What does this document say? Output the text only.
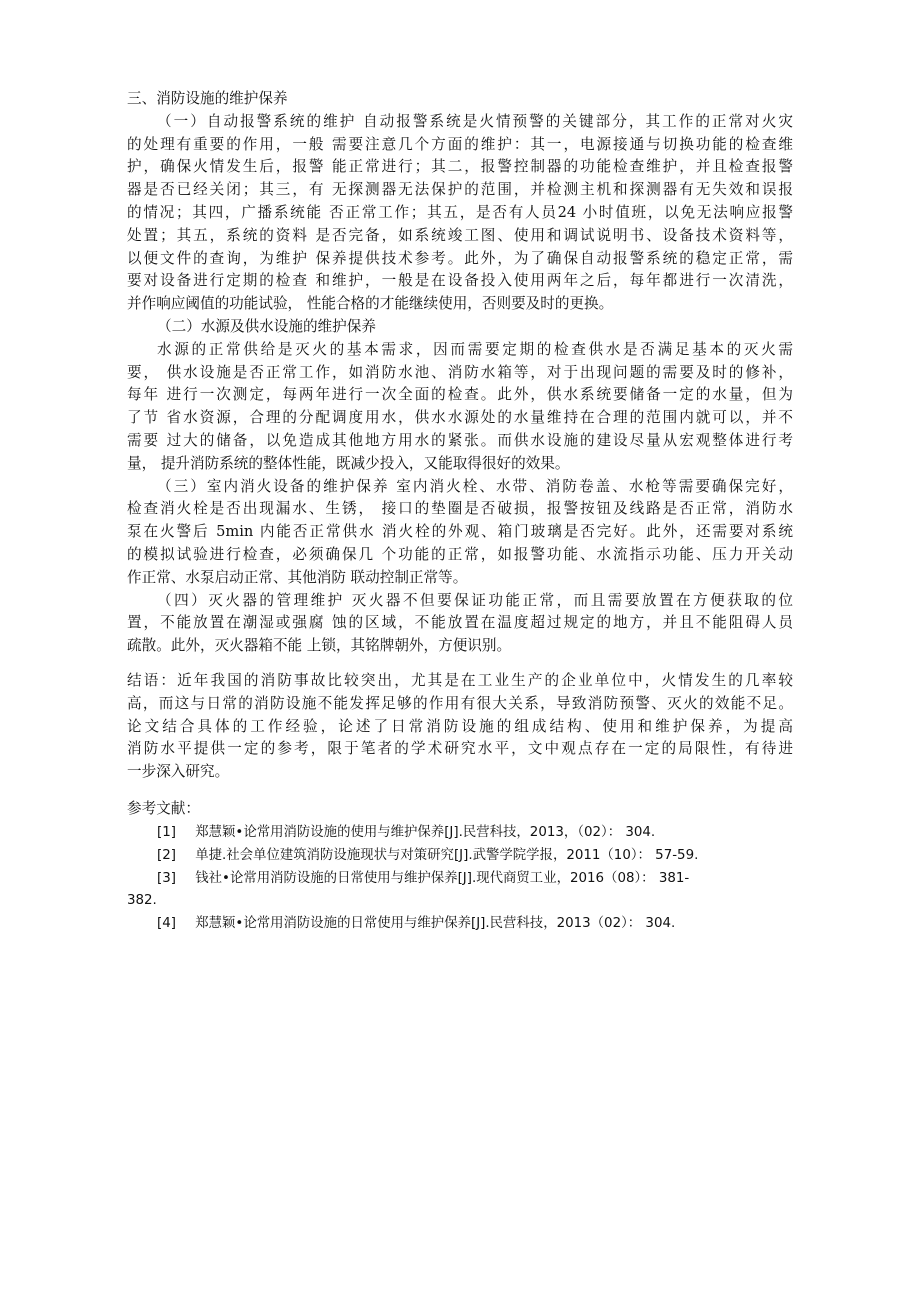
三、消防设施的维护保养
（一）自动报警系统的维护 自动报警系统是火情预警的关键部分，其工作的正常对火灾
的处理有重要的作用，一般 需要注意几个方面的维护：其一，电源接通与切换功能的检查维
护，确保火情发生后，报警 能正常进行；其二，报警控制器的功能检查维护，并且检查报警
器是否已经关闭；其三，有 无探测器无法保护的范围，并检测主机和探测器有无失效和误报
的情况；其四，广播系统能 否正常工作；其五，是否有人员24 小时值班，以免无法响应报警
处置；其五，系统的资料 是否完备，如系统竣工图、使用和调试说明书、设备技术资料等，
以便文件的查询，为维护 保养提供技术参考。此外，为了确保自动报警系统的稳定正常，需
要对设备进行定期的检查 和维护，一般是在设备投入使用两年之后，每年都进行一次清洗，
并作响应阈值的功能试验， 性能合格的才能继续使用，否则要及时的更换。
（二）水源及供水设施的维护保养
水源的正常供给是灭火的基本需求，因而需要定期的检查供水是否满足基本的灭火需
要， 供水设施是否正常工作，如消防水池、消防水箱等，对于出现问题的需要及时的修补，
每年 进行一次测定，每两年进行一次全面的检查。此外，供水系统要储备一定的水量，但为
了节 省水资源，合理的分配调度用水，供水水源处的水量维持在合理的范围内就可以，并不
需要 过大的储备，以免造成其他地方用水的紧张。而供水设施的建设尽量从宏观整体进行考
量， 提升消防系统的整体性能，既减少投入，又能取得很好的效果。
（三）室内消火设备的维护保养 室内消火栓、水带、消防卷盖、水枪等需要确保完好，
检查消火栓是否出现漏水、生锈， 接口的垫圈是否破损，报警按钮及线路是否正常，消防水
泵在火警后 5min 内能否正常供水 消火栓的外观、箱门玻璃是否完好。此外，还需要对系统
的模拟试验进行检查，必须确保几 个功能的正常，如报警功能、水流指示功能、压力开关动
作正常、水泵启动正常、其他消防 联动控制正常等。
（四）灭火器的管理维护 灭火器不但要保证功能正常，而且需要放置在方便获取的位
置，不能放置在潮湿或强腐 蚀的区域，不能放置在温度超过规定的地方，并且不能阻碍人员
疏散。此外，灭火器箱不能 上锁，其铭牌朝外，方便识别。
结语：近年我国的消防事故比较突出，尤其是在工业生产的企业单位中，火情发生的几率较
高，而这与日常的消防设施不能发挥足够的作用有很大关系，导致消防预警、灭火的效能不足。
论文结合具体的工作经验，论述了日常消防设施的组成结构、使用和维护保养，为提高
消防水平提供一定的参考，限于笔者的学术研究水平，文中观点存在一定的局限性，有待进
一步深入研究。
参考文献：
[1] 郑慧颖•论常用消防设施的使用与维护保养[J].民营科技，2013，（02）： 304.
[2] 单捷.社会单位建筑消防设施现状与对策研究[J].武警学院学报，2011（10）： 57-59.
[3] 钱社•论常用消防设施的日常使用与维护保养[J].现代商贸工业，2016（08）： 381-
382.
[4] 郑慧颖•论常用消防设施的日常使用与维护保养[J].民营科技，2013（02）： 304.
